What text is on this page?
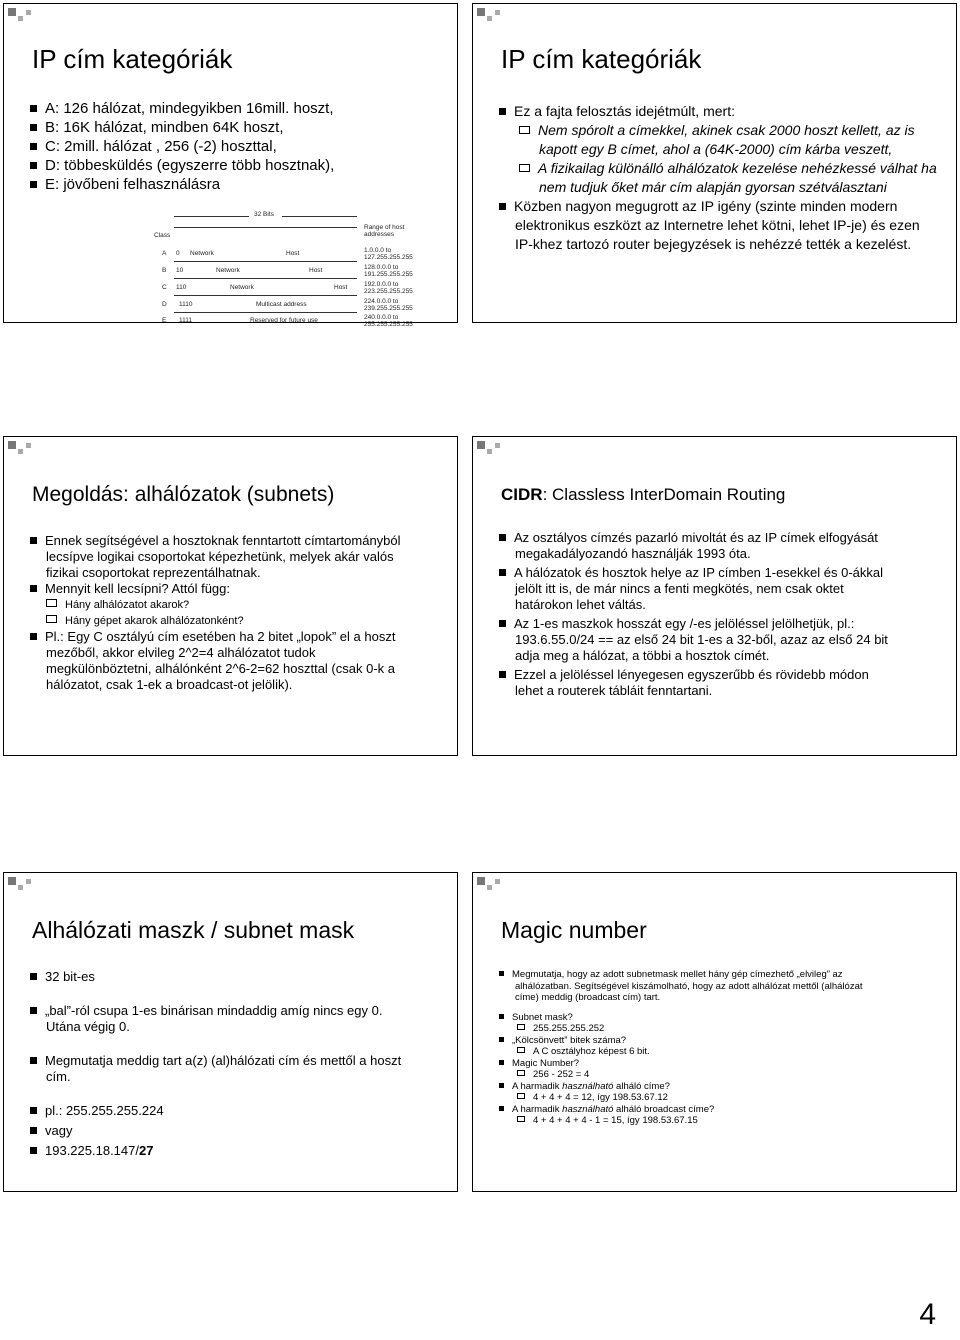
IP cím kategóriák
A: 126 hálózat, mindegyikben 16mill. hoszt,
B: 16K hálózat, mindben 64K hoszt,
C: 2mill. hálózat , 256 (-2) hoszttal,
D: többesküldés (egyszerre több hosztnak),
E: jövőbeni felhasználásra
32 Bits
Class
Range of host addresses
A 0 Network	Host	1.0.0.0 to
127.255.255.255
B 10	Network	Host	128.0.0.0 to
191.255.255.255
C 110	Network	Host	192.0.0.0 to
223.255.255.255
D 1110	Multicast address	224.0.0.0 to
239.255.255.255
E 1111	Reserved for future use	240.0.0.0 to
255.255.255.255
IP cím kategóriák
Ez a fajta felosztás idejétmúlt, mert:
Nem spórolt a címekkel, akinek csak 2000 hoszt kellett, az is kapott egy B címet, ahol a (64K-2000) cím kárba veszett,
A fizikailag különálló alhálózatok kezelése nehézkessé válhat ha nem tudjuk őket már cím alapján gyorsan szétválasztani
Közben nagyon megugrott az IP igény (szinte minden modern elektronikus eszközt az Internetre lehet kötni, lehet IP-je) és ezen IP-khez tartozó router bejegyzések is nehézzé tették a kezelést.
Megoldás: alhálózatok (subnets)
Ennek segítségével a hosztoknak fenntartott címtartományból lecsípve logikai csoportokat képezhetünk, melyek akár valós fizikai csoportokat reprezentálhatnak.
Mennyit kell lecsípni? Attól függ:
Hány alhálózatot akarok?
Hány gépet akarok alhálózatonként?
Pl.: Egy C osztályú cím esetében ha 2 bitet „lopok” el a hoszt mezőből, akkor elvileg 2^2=4 alhálózatot tudok megkülönböztetni, alhálónként 2^6-2=62 hoszttal (csak 0-k a hálózatot, csak 1-ek a broadcast-ot jelölik).
CIDR: Classless InterDomain Routing
Az osztályos címzés pazarló mivoltát és az IP címek elfogyását megakadályozandó használják 1993 óta.
A hálózatok és hosztok helye az IP címben 1-esekkel és 0-ákkal jelölt itt is, de már nincs a fenti megkötés, nem csak oktet határokon lehet váltás.
Az 1-es maszkok hosszát egy /-es jelöléssel jelölhetjük, pl.: 193.6.55.0/24 == az első 24 bit 1-es a 32-ből, azaz az első 24 bit adja meg a hálózat, a többi a hosztok címét.
Ezzel a jelöléssel lényegesen egyszerűbb és rövidebb módon lehet a routerek tábláit fenntartani.
Alhálózati maszk / subnet mask
32 bit-es
„bal”-ról csupa 1-es binárisan mindaddig amíg nincs egy 0. Utána végig 0.
Megmutatja meddig tart a(z) (al)hálózati cím és mettől a hoszt cím.
pl.: 255.255.255.224
vagy
193.225.18.147/27
Magic number
Megmutatja, hogy az adott subnetmask mellet hány gép címezhető „elvileg” az alhálózatban. Segítségével kiszámolható, hogy az adott alhálózat mettől (alhálózat címe) meddig (broadcast cím) tart.
Subnet mask?
255.255.255.252
„Kölcsönvett” bitek száma?
A C osztályhoz képest 6 bit.
Magic Number?
256 - 252 = 4
A harmadik használható alháló címe?
4 + 4 + 4 = 12, így 198.53.67.12
A harmadik használható alháló broadcast címe?
4 + 4 + 4 + 4 - 1 = 15, így 198.53.67.15
4
